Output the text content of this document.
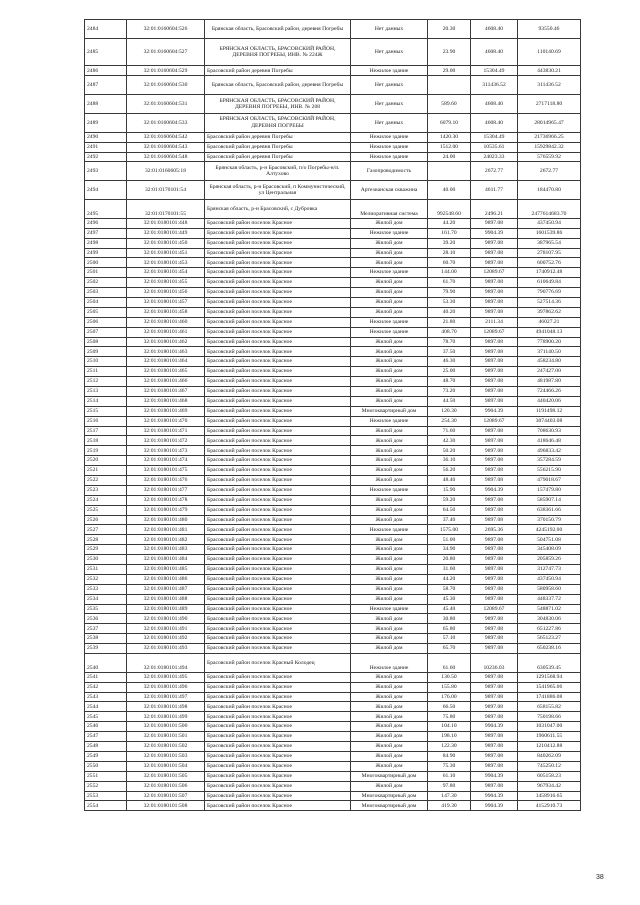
2484	32:01:0160604:526	Брянская область, Брасовский район, деревня Погребы	Нет данных	20.30	4608.40	93550.46
2485	32:01:0160604:527	БРЯНСКАЯ ОБЛАСТЬ, БРАСОВСКИЙ РАЙОН, ДЕРЕВНЯ ПОГРЕБЫ, ИНВ. № 224Ж	Нет данных	23.90	4608.40	110140.69
2486	32:01:0160604:529	Брасовский район деревня Погребы	Нежилое здание	29.00	15304.49	443830.21
2487	32:01:0160604:530	Брянская область, Брасовский район, деревня Погребы	Нет данных		311436.52	311436.52
2488	32:01:0160604:531	БРЯНСКАЯ ОБЛАСТЬ, БРАСОВСКИЙ РАЙОН, ДЕРЕВНЯ ПОГРЕБЫ, ИНВ. № 208	Нет данных	589.60	4608.40	2717118.80
2489	32:01:0160604:533	БРЯНСКАЯ ОБЛАСТЬ, БРАСОВСКИЙ РАЙОН, ДЕРЕВНЯ ПОГРЕБЫ	Нет данных	6079.10	4608.40	28014965.47
2490	32:01:0160604:542	Брасовский район деревня Погребы	Нежилое здание	1420.30	15304.49	21736966.25
2491	32:01:0160604:543	Брасовский район деревня Погребы	Нежилое здание	1512.00	10535.61	15929842.32
2492	32:01:0160604:548	Брасовский район деревня Погребы	Нежилое здание	24.00	24023.33	576559.92
2493	32:01:0160605:18	Брянская область, р-н Брасовский, п/о Погребы-н/п. Алтухово	Газопроводимость		2672.77	2672.77
2494	32:01:0170101:54	Брянская область, р-н Брасовский, п Коммунистический, ул Центральная	Артезианская скважина	40.00	4611.77	184470.80
2495	32:01:0170101:55	Брянская область, р-н Брасовский, с Дубровка	Мелиоративная система	992548.60	2496.21	2477614683.70
2496	32:01:0180101:448	Брасовский район поселок Красное	Жилой дом	44.20	9897.08	437450.94
2497	32:01:0180101:449	Брасовский район поселок Красное	Нежилое здание	161.70	9904.39	1601539.86
2498	32:01:0180101:450	Брасовский район поселок Красное	Жилой дом	39.20	9897.08	387965.54
2499	32:01:0180101:451	Брасовский район поселок Красное	Жилой дом	28.10	9897.08	278107.95
2500	32:01:0180101:453	Брасовский район поселок Красное	Жилой дом	60.70	9897.08	600752.76
2501	32:01:0180101:454	Брасовский район поселок Красное	Нежилое здание	144.00	12089.67	1740912.48
2502	32:01:0180101:455	Брасовский район поселок Красное	Жилой дом	61.70	9897.08	610649.84
2503	32:01:0180101:456	Брасовский район поселок Красное	Жилой дом	79.90	9897.08	790776.69
2504	32:01:0180101:457	Брасовский район поселок Красное	Жилой дом	53.30	9897.08	527514.36
2505	32:01:0180101:458	Брасовский район поселок Красное	Жилой дом	40.20	9897.08	397862.62
2506	32:01:0180101:460	Брасовский район поселок Красное	Нежилое здание	21.80	2111.34	46027.21
2507	32:01:0180101:461	Брасовский район поселок Красное	Нежилое здание	408.70	12089.67	4941048.13
2508	32:01:0180101:462	Брасовский район поселок Красное	Жилой дом	78.70	9897.08	778900.20
2509	32:01:0180101:463	Брасовский район поселок Красное	Жилой дом	37.50	9897.08	371140.50
2510	32:01:0180101:464	Брасовский район поселок Красное	Жилой дом	46.30	9897.08	458234.80
2511	32:01:0180101:465	Брасовский район поселок Красное	Жилой дом	25.00	9897.08	247427.00
2512	32:01:0180101:466	Брасовский район поселок Красное	Жилой дом	48.70	9897.08	481987.80
2513	32:01:0180101:467	Брасовский район поселок Красное	Жилой дом	73.20	9897.08	724466.26
2514	32:01:0180101:468	Брасовский район поселок Красное	Жилой дом	44.50	9897.08	440420.06
2515	32:01:0180101:469	Брасовский район поселок Красное	Многоквартирный дом	120.30	9904.39	1191498.12
2516	32:01:0180101:470	Брасовский район поселок Красное	Нежилое здание	254.30	12089.67	3074403.08
2517	32:01:0180101:471	Брасовский район поселок Красное	Жилой дом	71.60	9897.08	708630.93
2518	32:01:0180101:472	Брасовский район поселок Красное	Жилой дом	42.30	9897.08	418646.48
2519	32:01:0180101:473	Брасовский район поселок Красное	Жилой дом	50.20	9897.08	496833.42
2520	32:01:0180101:474	Брасовский район поселок Красное	Жилой дом	36.10	9897.08	357284.59
2521	32:01:0180101:475	Брасовский район поселок Красное	Жилой дом	56.20	9897.08	556215.90
2522	32:01:0180101:476	Брасовский район поселок Красное	Жилой дом	48.40	9897.08	479018.67
2523	32:01:0180101:477	Брасовский район поселок Красное	Нежилое здание	15.90	9904.39	157479.80
2524	32:01:0180101:478	Брасовский район поселок Красное	Жилой дом	59.20	9897.08	585907.14
2525	32:01:0180101:479	Брасовский район поселок Красное	Жилой дом	64.50	9897.08	638361.66
2526	32:01:0180101:480	Брасовский район поселок Красное	Жилой дом	37.40	9897.08	370150.79
2527	32:01:0180101:481	Брасовский район поселок Красное	Нежилое здание	1575.00	2695.36	4245192.00
2528	32:01:0180101:482	Брасовский район поселок Красное	Жилой дом	51.00	9897.08	504751.08
2529	32:01:0180101:483	Брасовский район поселок Красное	Жилой дом	34.90	9897.08	345408.09
2530	32:01:0180101:484	Брасовский район поселок Красное	Жилой дом	20.80	9897.08	205859.26
2531	32:01:0180101:485	Брасовский район поселок Красное	Жилой дом	31.60	9897.08	312747.73
2532	32:01:0180101:486	Брасовский район поселок Красное	Жилой дом	44.20	9897.08	437450.94
2533	32:01:0180101:487	Брасовский район поселок Красное	Жилой дом	58.70	9897.08	580958.60
2534	32:01:0180101:488	Брасовский район поселок Красное	Жилой дом	45.30	9897.08	448337.72
2535	32:01:0180101:489	Брасовский район поселок Красное	Нежилое здание	45.40	12089.67	548871.02
2536	32:01:0180101:490	Брасовский район поселок Красное	Жилой дом	30.80	9897.08	304830.06
2537	32:01:0180101:491	Брасовский район поселок Красное	Жилой дом	65.80	9897.08	651227.86
2538	32:01:0180101:492	Брасовский район поселок Красное	Жилой дом	57.10	9897.08	565123.27
2539	32:01:0180101:493	Брасовский район поселок Красное	Жилой дом	65.70	9897.08	650238.16
2540	32:01:0180101:494	Брасовский район поселок Красный Колодец	Нежилое здание	61.60	10236.03	630539.45
2541	32:01:0180101:495	Брасовский район поселок Красное	Жилой дом	130.50	9897.08	1291568.94
2542	32:01:0180101:496	Брасовский район поселок Красное	Жилой дом	155.80	9897.08	1541965.06
2543	32:01:0180101:497	Брасовский район поселок Красное	Жилой дом	176.00	9897.08	1741886.08
2544	32:01:0180101:498	Брасовский район поселок Красное	Жилой дом	66.50	9897.08	658155.82
2545	32:01:0180101:499	Брасовский район поселок Красное	Жилой дом	75.80	9897.08	750198.66
2546	32:01:0180101:500	Брасовский район поселок Красное	Жилой дом	104.10	9904.39	1031047.00
2547	32:01:0180101:501	Брасовский район поселок Красное	Жилой дом	198.10	9897.08	1960611.55
2548	32:01:0180101:502	Брасовский район поселок Красное	Жилой дом	122.30	9897.08	1210412.88
2549	32:01:0180101:503	Брасовский район поселок Красное	Жилой дом	84.90	9897.08	840262.09
2550	32:01:0180101:504	Брасовский район поселок Красное	Жилой дом	75.30	9897.08	745250.12
2551	32:01:0180101:505	Брасовский район поселок Красное	Многоквартирный дом	61.10	9904.39	605158.23
2552	32:01:0180101:506	Брасовский район поселок Красное	Жилой дом	97.80	9897.08	967934.42
2553	32:01:0180101:507	Брасовский район поселок Красное	Многоквартирный дом	147.30	9904.39	1458916.65
2554	32:01:0180101:508	Брасовский район поселок Красное	Многоквартирный дом	419.30	9904.39	4152910.73
38
